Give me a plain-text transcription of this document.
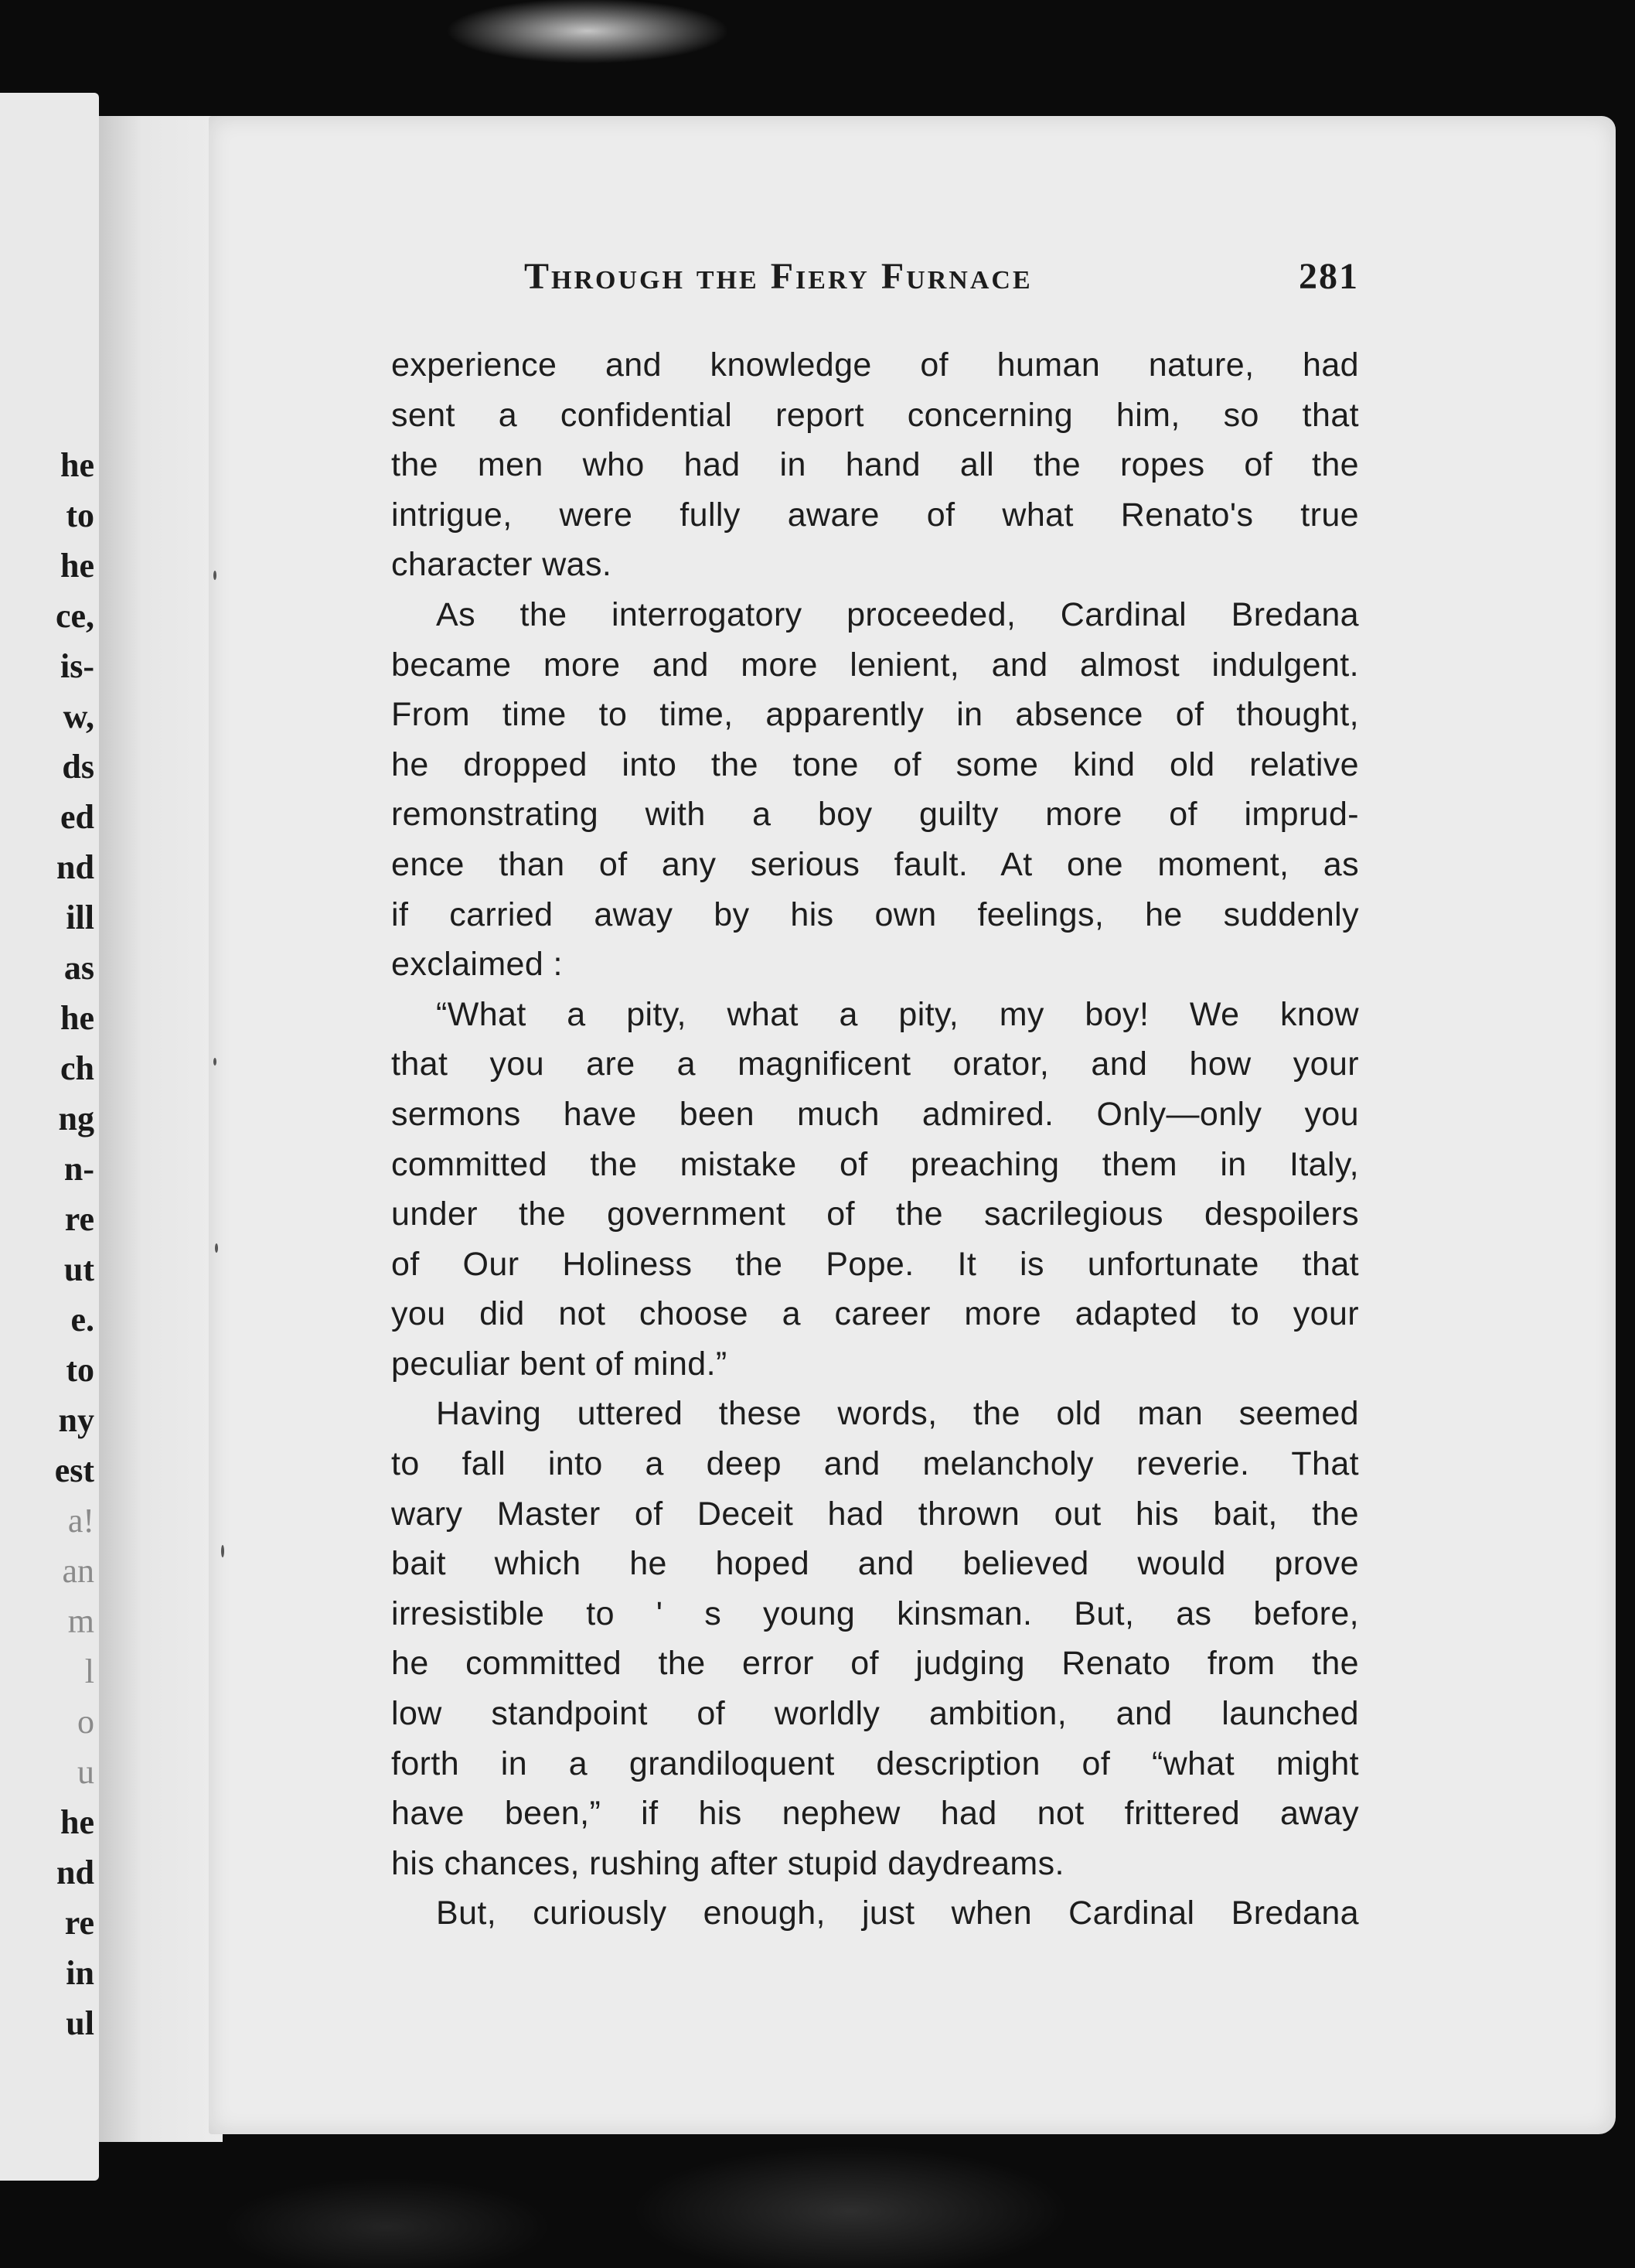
he
to
he
ce,
is-
w,
ds
ed
nd
ill
as
he
ch
ng
n-
re
ut
e.
to
ny
est
a!
an
m
l
o
u
he
nd
re
in
ul
Through the Fiery Furnace	281

experience and knowledge of human nature, had
sent a confidential report concerning him, so that
the men who had in hand all the ropes of the
intrigue, were fully aware of what Renato's true
character was.

As the interrogatory proceeded, Cardinal Bredana
became more and more lenient, and almost indulgent.
From time to time, apparently in absence of thought,
he dropped into the tone of some kind old relative
remonstrating with a boy guilty more of imprud-
ence than of any serious fault. At one moment, as
if carried away by his own feelings, he suddenly
exclaimed :

“What a pity, what a pity, my boy! We know
that you are a magnificent orator, and how your
sermons have been much admired. Only—only you
committed the mistake of preaching them in Italy,
under the government of the sacrilegious despoilers
of Our Holiness the Pope. It is unfortunate that
you did not choose a career more adapted to your
peculiar bent of mind.”

Having uttered these words, the old man seemed
to fall into a deep and melancholy reverie. That
wary Master of Deceit had thrown out his bait, the
bait which he hoped and believed would prove
irresistible to ' s young kinsman. But, as before,
he committed the error of judging Renato from the
low standpoint of worldly ambition, and launched
forth in a grandiloquent description of “what might
have been,” if his nephew had not frittered away
his chances, rushing after stupid daydreams.

But, curiously enough, just when Cardinal Bredana
